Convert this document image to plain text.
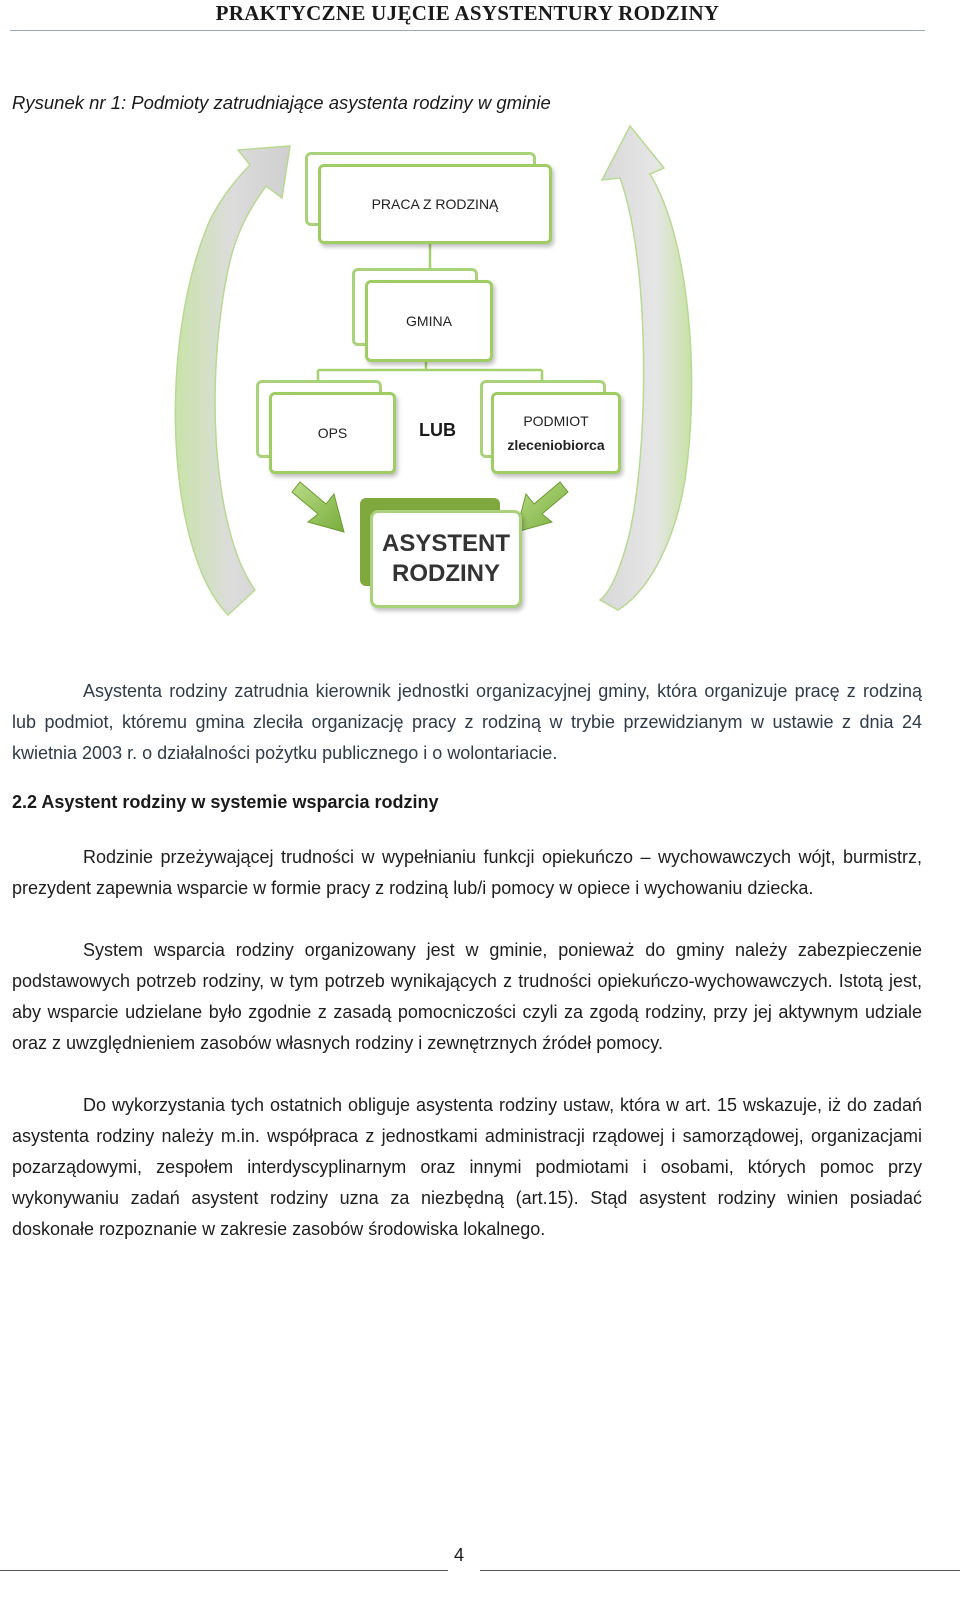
PRAKTYCZNE UJĘCIE ASYSTENTURY RODZINY
Rysunek nr 1: Podmioty zatrudniające asystenta rodziny w gminie
PRACA Z RODZINĄ
GMINA
OPS	LUB	PODMIOT
zleceniobiorca
ASYSTENT
RODZINY
Asystenta rodziny zatrudnia kierownik jednostki organizacyjnej gminy, która organizuje pracę z rodziną lub podmiot, któremu gmina zleciła organizację pracy z rodziną w trybie przewidzianym w ustawie z dnia 24 kwietnia 2003 r. o działalności pożytku publicznego i o wolontariacie.
2.2 Asystent rodziny w systemie wsparcia rodziny
Rodzinie przeżywającej trudności w wypełnianiu funkcji opiekuńczo – wychowawczych wójt, burmistrz, prezydent zapewnia wsparcie w formie pracy z rodziną lub/i pomocy w opiece i wychowaniu dziecka.
System wsparcia rodziny organizowany jest w gminie, ponieważ do gminy należy zabezpieczenie podstawowych potrzeb rodziny, w tym potrzeb wynikających z trudności opiekuńczo-wychowawczych. Istotą jest, aby wsparcie udzielane było zgodnie z zasadą pomocniczości czyli za zgodą rodziny, przy jej aktywnym udziale oraz z uwzględnieniem zasobów własnych rodziny i zewnętrznych źródeł pomocy.
Do wykorzystania tych ostatnich obliguje asystenta rodziny ustaw, która w art. 15 wskazuje, iż do zadań asystenta rodziny należy m.in. współpraca z jednostkami administracji rządowej i samorządowej, organizacjami pozarządowymi, zespołem interdyscyplinarnym oraz innymi podmiotami i osobami, których pomoc przy wykonywaniu zadań asystent rodziny uzna za niezbędną (art.15). Stąd asystent rodziny winien posiadać doskonałe rozpoznanie w zakresie zasobów środowiska lokalnego.
4
